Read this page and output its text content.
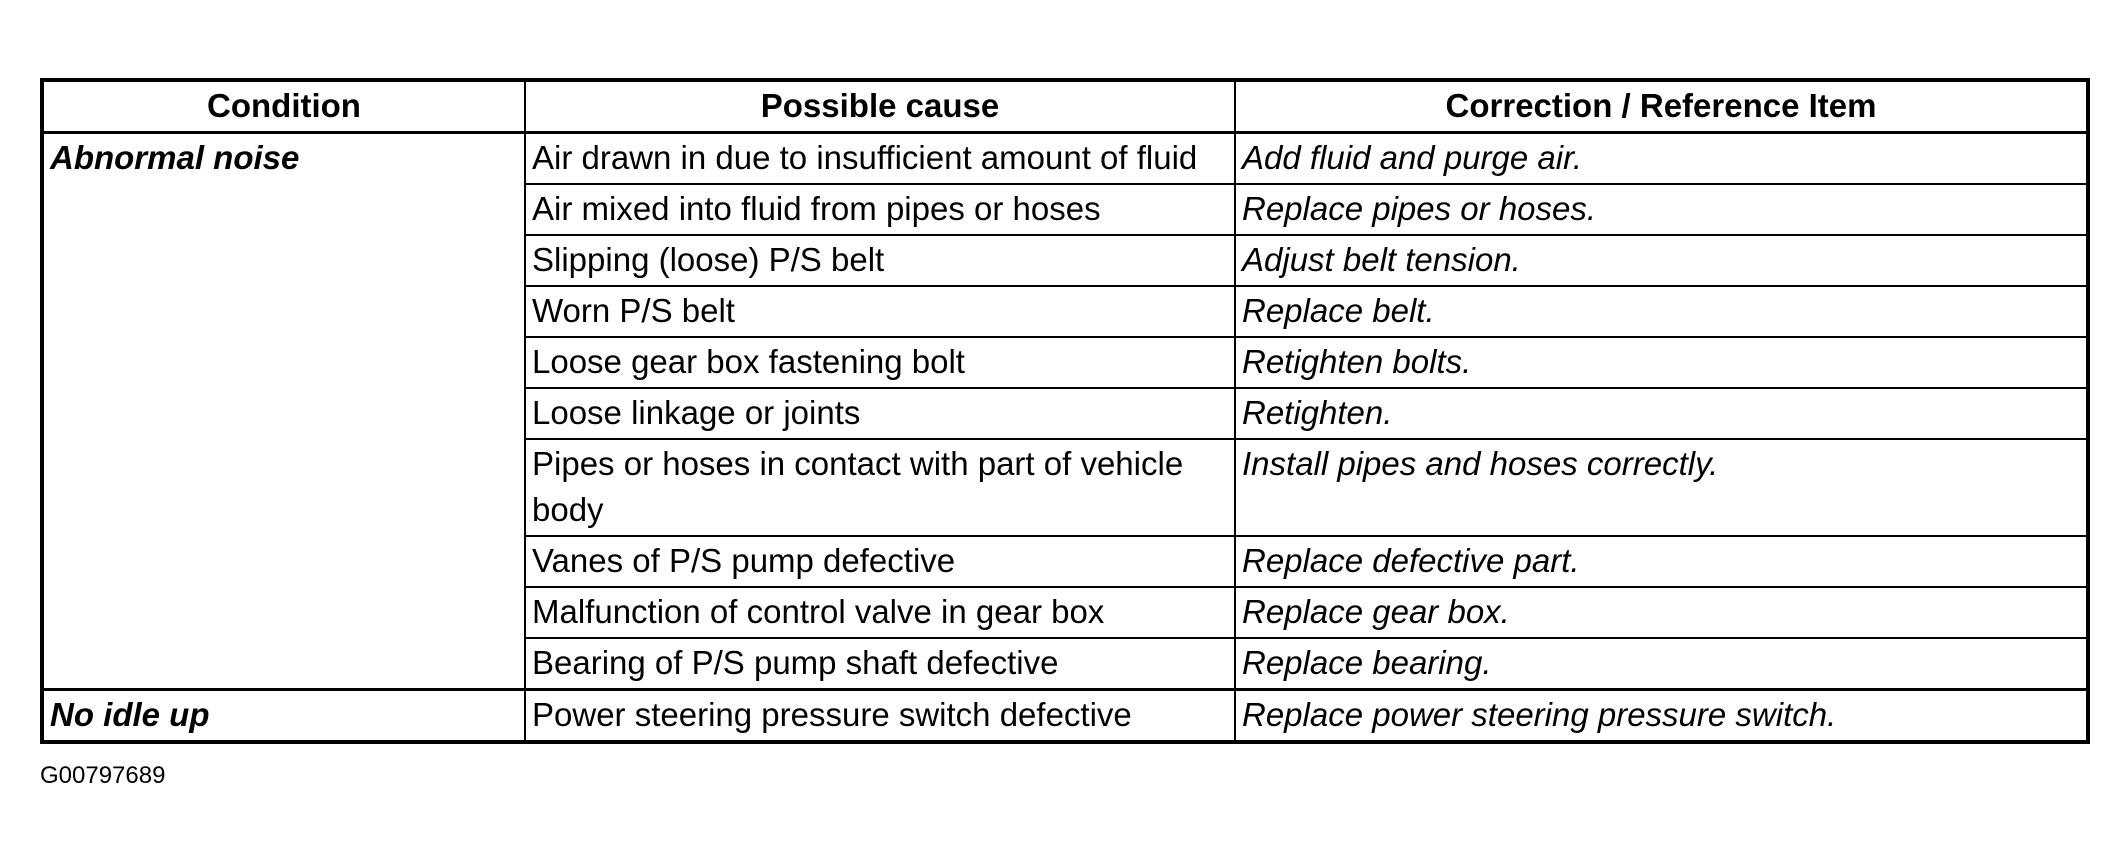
Condition	Possible cause	Correction / Reference Item
Abnormal noise	Air drawn in due to insufficient amount of fluid	Add fluid and purge air.
	Air mixed into fluid from pipes or hoses	Replace pipes or hoses.
	Slipping (loose) P/S belt	Adjust belt tension.
	Worn P/S belt	Replace belt.
	Loose gear box fastening bolt	Retighten bolts.
	Loose linkage or joints	Retighten.
	Pipes or hoses in contact with part of vehicle body	Install pipes and hoses correctly.
	Vanes of P/S pump defective	Replace defective part.
	Malfunction of control valve in gear box	Replace gear box.
	Bearing of P/S pump shaft defective	Replace bearing.
No idle up	Power steering pressure switch defective	Replace power steering pressure switch.
G00797689
